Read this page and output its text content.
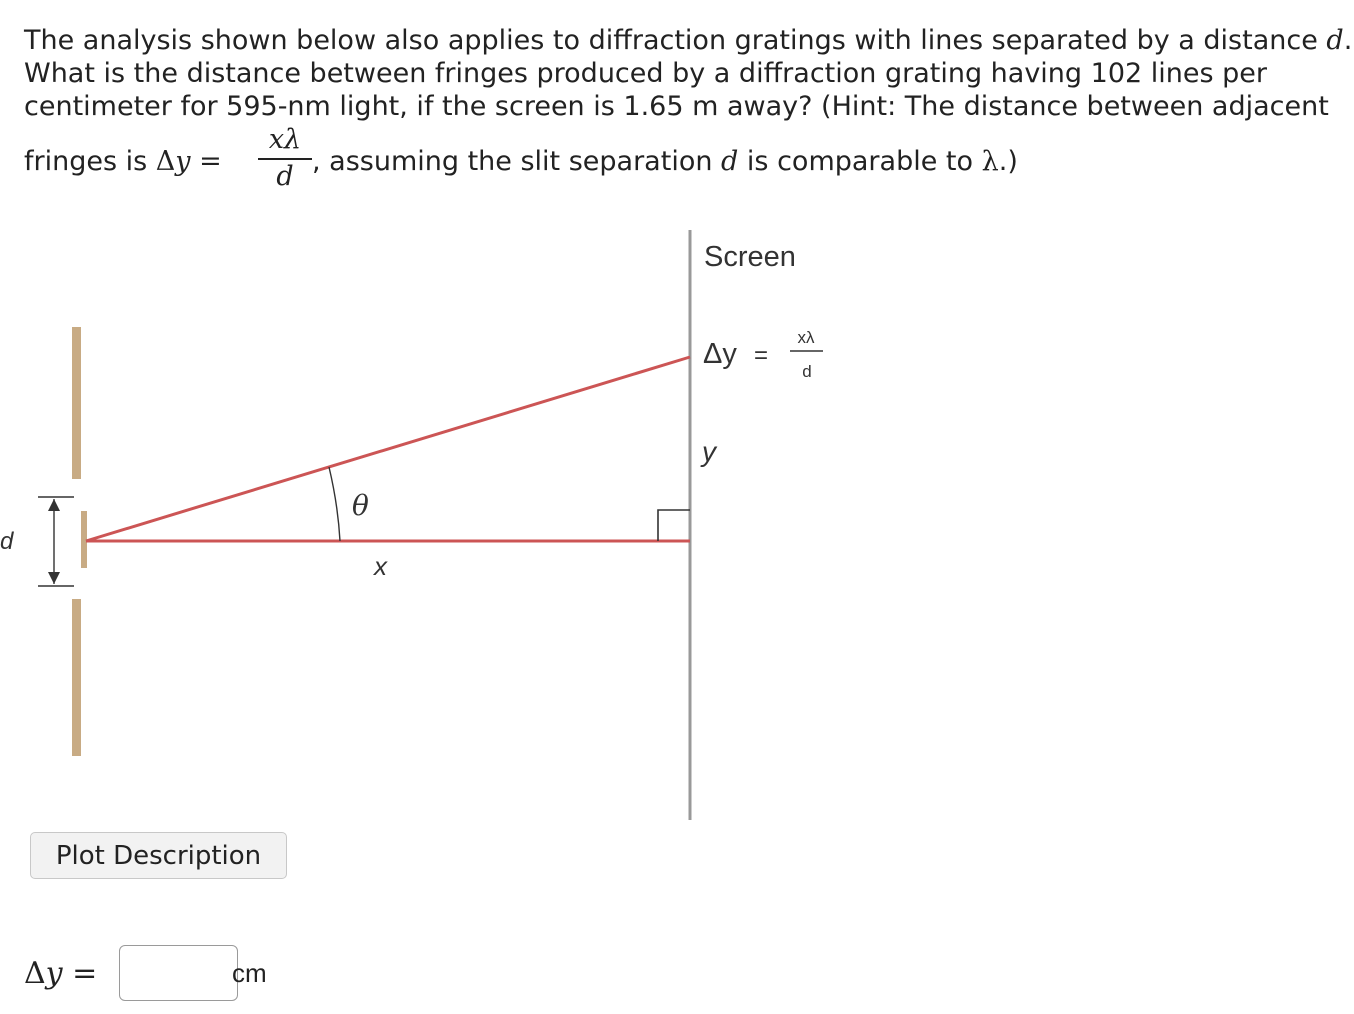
The analysis shown below also applies to diffraction gratings with lines separated by a distance d.
What is the distance between fringes produced by a diffraction grating having 102 lines per
centimeter for 595-nm light, if the screen is 1.65 m away? (Hint: The distance between adjacent
fringes is Δy =
xλ
d , assuming the slit separation d is comparable to λ.)
Screen
Δy =
xλ
d
y
θ
x
d
Plot Description
Δy =	cm
